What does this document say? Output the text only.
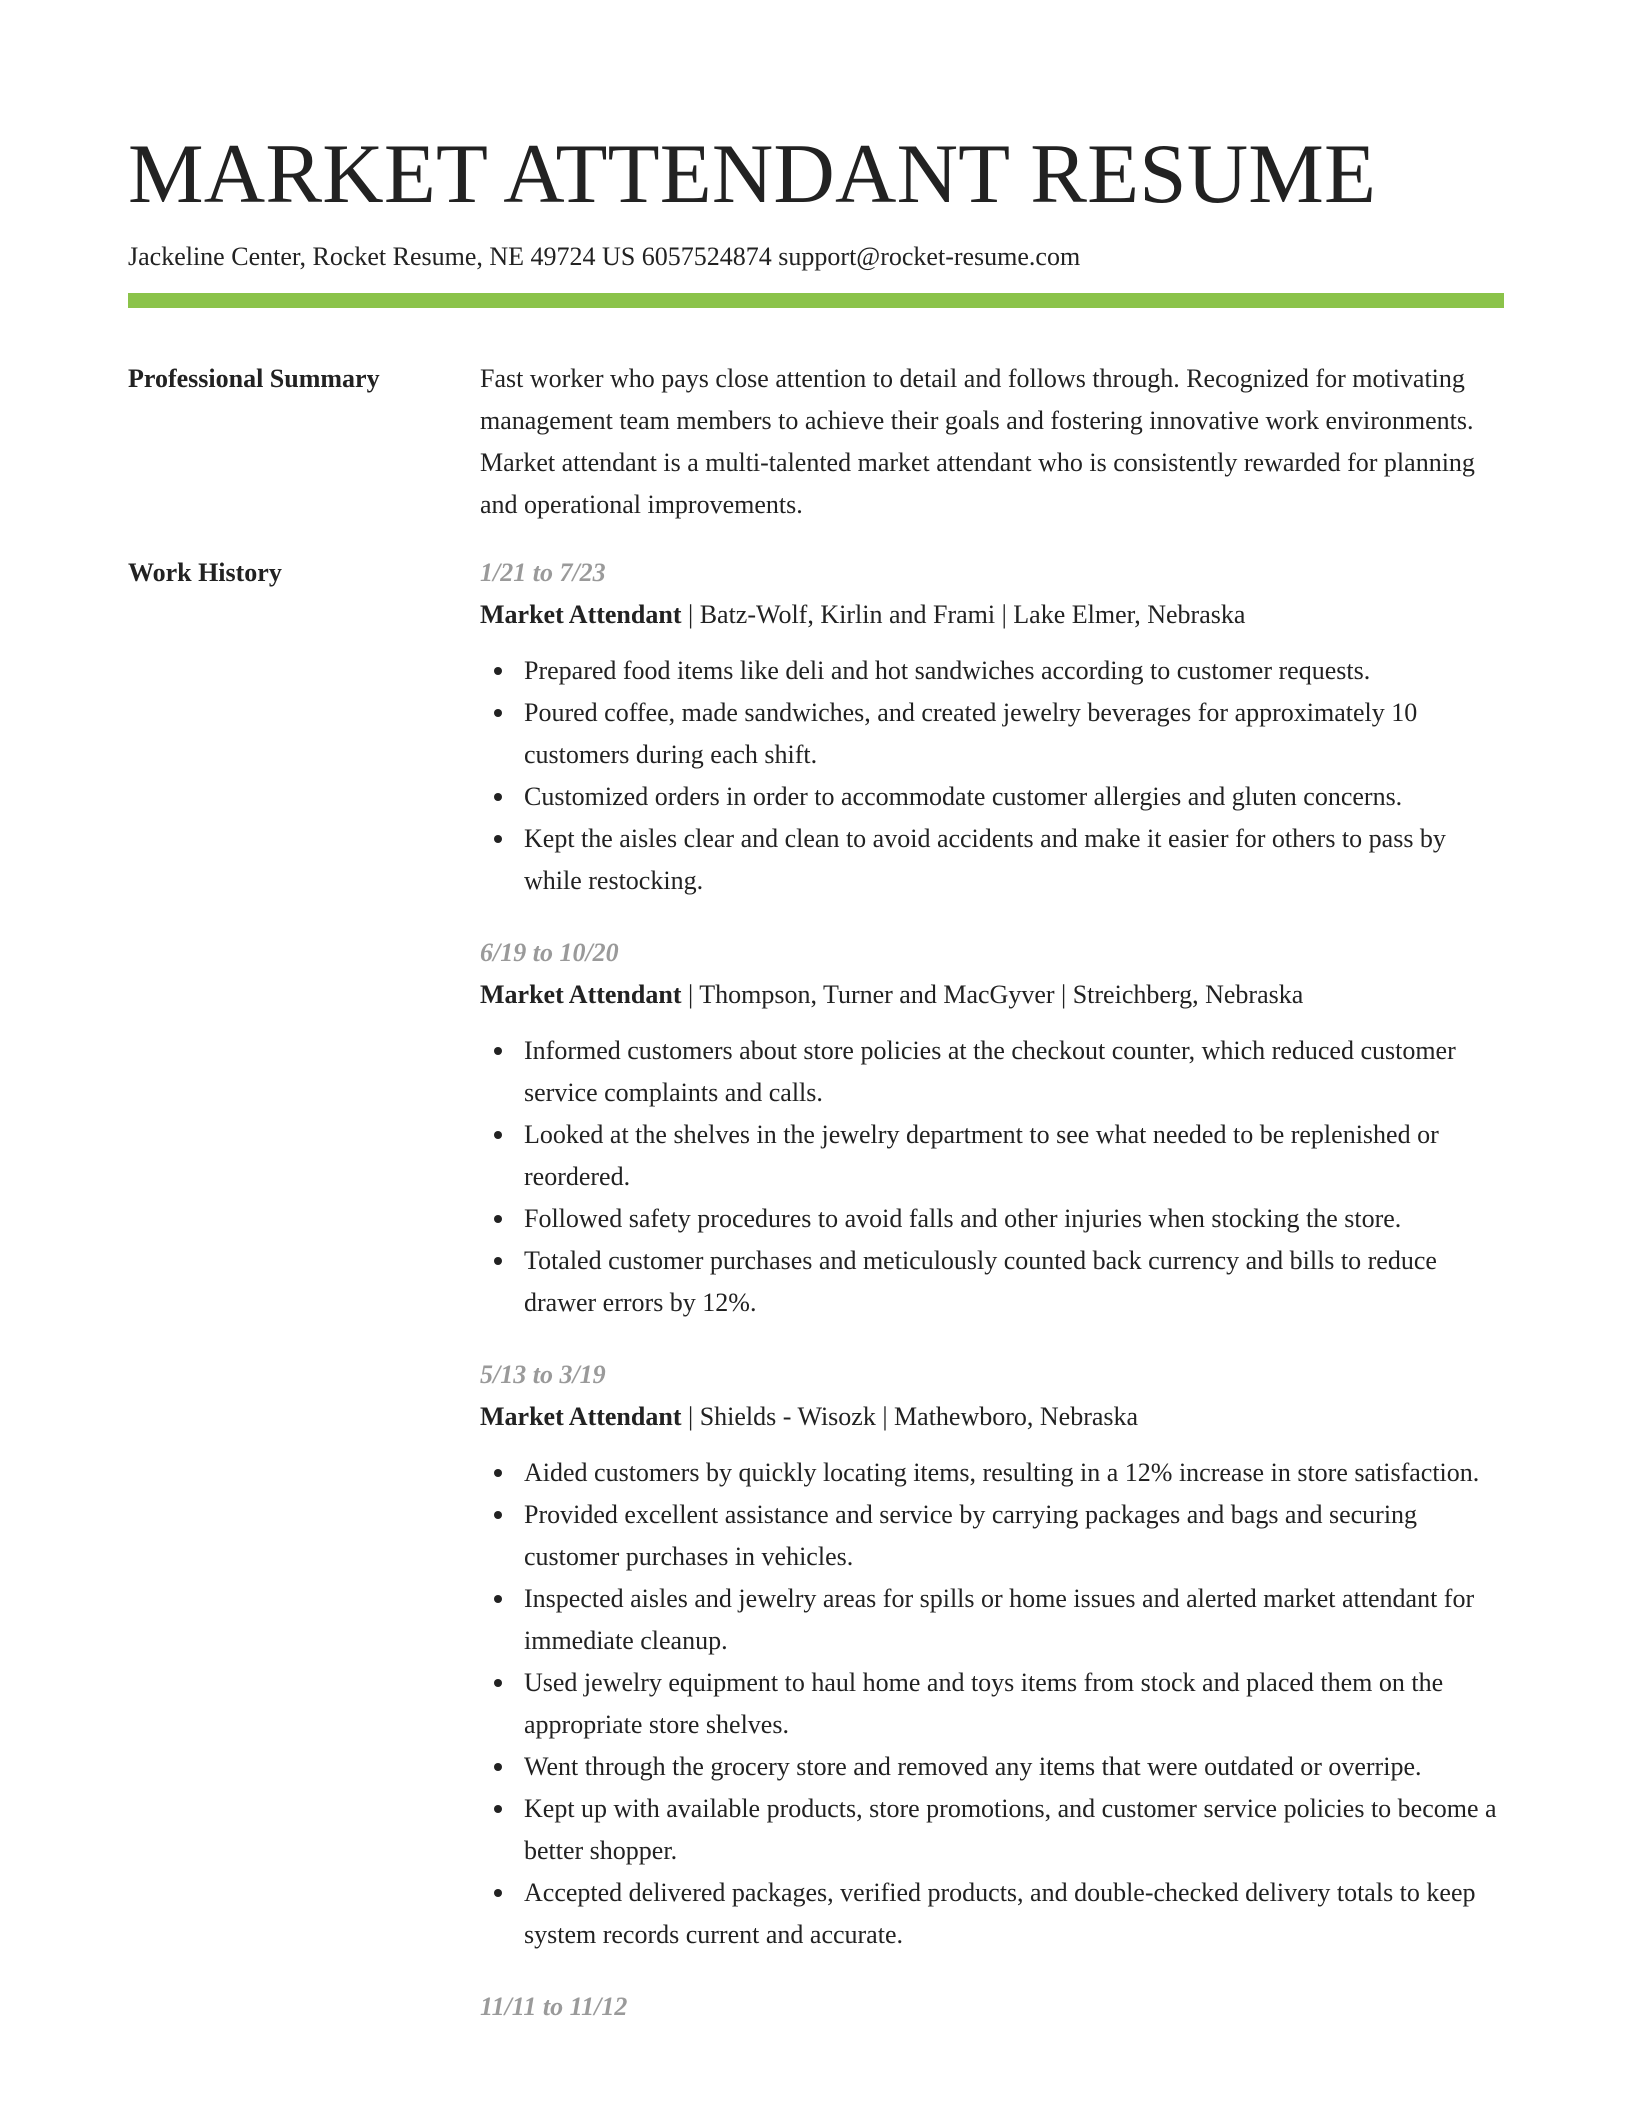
MARKET ATTENDANT RESUME
Jackeline Center, Rocket Resume, NE 49724 US 6057524874 support@rocket-resume.com
Professional Summary	Fast worker who pays close attention to detail and follows through. Recognized for motivating management team members to achieve their goals and fostering innovative work environments. Market attendant is a multi-talented market attendant who is consistently rewarded for planning and operational improvements.
Work History	1/21 to 7/23
Market Attendant | Batz-Wolf, Kirlin and Frami | Lake Elmer, Nebraska
Prepared food items like deli and hot sandwiches according to customer requests.
Poured coffee, made sandwiches, and created jewelry beverages for approximately 10 customers during each shift.
Customized orders in order to accommodate customer allergies and gluten concerns.
Kept the aisles clear and clean to avoid accidents and make it easier for others to pass by while restocking.
6/19 to 10/20
Market Attendant | Thompson, Turner and MacGyver | Streichberg, Nebraska
Informed customers about store policies at the checkout counter, which reduced customer service complaints and calls.
Looked at the shelves in the jewelry department to see what needed to be replenished or reordered.
Followed safety procedures to avoid falls and other injuries when stocking the store.
Totaled customer purchases and meticulously counted back currency and bills to reduce drawer errors by 12%.
5/13 to 3/19
Market Attendant | Shields - Wisozk | Mathewboro, Nebraska
Aided customers by quickly locating items, resulting in a 12% increase in store satisfaction.
Provided excellent assistance and service by carrying packages and bags and securing customer purchases in vehicles.
Inspected aisles and jewelry areas for spills or home issues and alerted market attendant for immediate cleanup.
Used jewelry equipment to haul home and toys items from stock and placed them on the appropriate store shelves.
Went through the grocery store and removed any items that were outdated or overripe.
Kept up with available products, store promotions, and customer service policies to become a better shopper.
Accepted delivered packages, verified products, and double-checked delivery totals to keep system records current and accurate.
11/11 to 11/12
